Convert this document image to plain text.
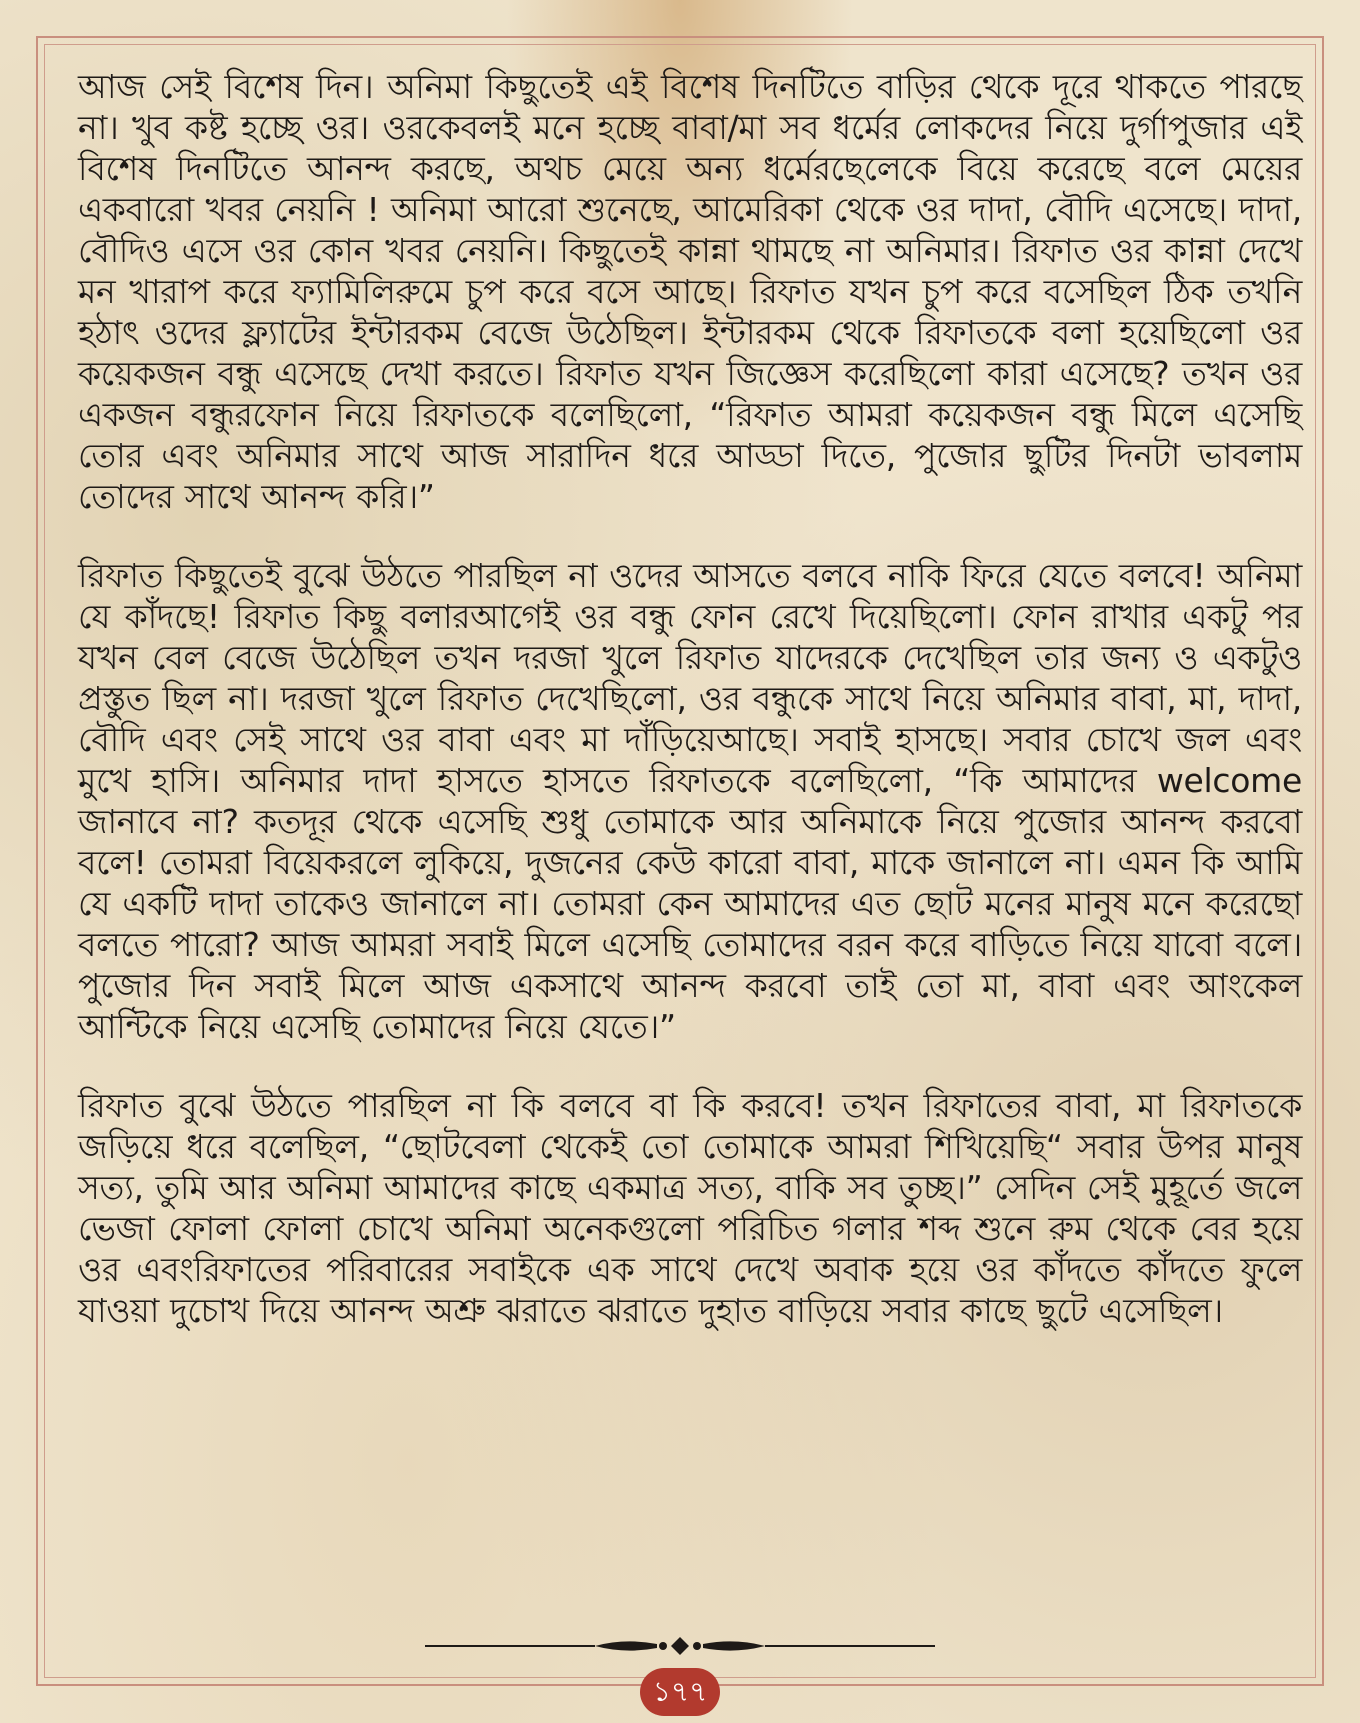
আজ সেই বিশেষ দিন। অনিমা কিছুতেই এই বিশেষ দিনটিতে বাড়ির থেকে দূরে থাকতে পারছে না। খুব কষ্ট হচ্ছে ওর। ওরকেবলই মনে হচ্ছে বাবা/মা সব ধর্মের লোকদের নিয়ে দুর্গাপুজার এই বিশেষ দিনটিতে আনন্দ করছে, অথচ মেয়ে অন্য ধর্মেরছেলেকে বিয়ে করেছে বলে মেয়ের একবারো খবর নেয়নি ! অনিমা আরো শুনেছে, আমেরিকা থেকে ওর দাদা, বৌদি এসেছে। দাদা, বৌদিও এসে ওর কোন খবর নেয়নি। কিছুতেই কান্না থামছে না অনিমার। রিফাত ওর কান্না দেখে মন খারাপ করে ফ্যামিলিরুমে চুপ করে বসে আছে। রিফাত যখন চুপ করে বসেছিল ঠিক তখনি হঠাৎ ওদের ফ্ল্যাটের ইন্টারকম বেজে উঠেছিল। ইন্টারকম থেকে রিফাতকে বলা হয়েছিলো ওর কয়েকজন বন্ধু এসেছে দেখা করতে। রিফাত যখন জিজ্ঞেস করেছিলো কারা এসেছে? তখন ওর একজন বন্ধুরফোন নিয়ে রিফাতকে বলেছিলো, “রিফাত আমরা কয়েকজন বন্ধু মিলে এসেছি তোর এবং অনিমার সাথে আজ সারাদিন ধরে আড্ডা দিতে, পুজোর ছুটির দিনটা ভাবলাম তোদের সাথে আনন্দ করি।”

রিফাত কিছুতেই বুঝে উঠতে পারছিল না ওদের আসতে বলবে নাকি ফিরে যেতে বলবে! অনিমা যে কাঁদছে! রিফাত কিছু বলারআগেই ওর বন্ধু ফোন রেখে দিয়েছিলো। ফোন রাখার একটু পর যখন বেল বেজে উঠেছিল তখন দরজা খুলে রিফাত যাদেরকে দেখেছিল তার জন্য ও একটুও প্রস্তুত ছিল না। দরজা খুলে রিফাত দেখেছিলো, ওর বন্ধুকে সাথে নিয়ে অনিমার বাবা, মা, দাদা, বৌদি এবং সেই সাথে ওর বাবা এবং মা দাঁড়িয়েআছে। সবাই হাসছে। সবার চোখে জল এবং মুখে হাসি। অনিমার দাদা হাসতে হাসতে রিফাতকে বলেছিলো, “কি আমাদের welcome জানাবে না? কতদূর থেকে এসেছি শুধু তোমাকে আর অনিমাকে নিয়ে পুজোর আনন্দ করবো বলে! তোমরা বিয়েকরলে লুকিয়ে, দুজনের কেউ কারো বাবা, মাকে জানালে না। এমন কি আমি যে একটি দাদা তাকেও জানালে না। তোমরা কেন আমাদের এত ছোট মনের মানুষ মনে করেছো বলতে পারো? আজ আমরা সবাই মিলে এসেছি তোমাদের বরন করে বাড়িতে নিয়ে যাবো বলে। পুজোর দিন সবাই মিলে আজ একসাথে আনন্দ করবো তাই তো মা, বাবা এবং আংকেল আন্টিকে নিয়ে এসেছি তোমাদের নিয়ে যেতে।”

রিফাত বুঝে উঠতে পারছিল না কি বলবে বা কি করবে! তখন রিফাতের বাবা, মা রিফাতকে জড়িয়ে ধরে বলেছিল, “ছোটবেলা থেকেই তো তোমাকে আমরা শিখিয়েছি“ সবার উপর মানুষ সত্য, তুমি আর অনিমা আমাদের কাছে একমাত্র সত্য, বাকি সব তুচ্ছ।” সেদিন সেই মুহূর্তে জলে ভেজা ফোলা ফোলা চোখে অনিমা অনেকগুলো পরিচিত গলার শব্দ শুনে রুম থেকে বের হয়ে ওর এবংরিফাতের পরিবারের সবাইকে এক সাথে দেখে অবাক হয়ে ওর কাঁদতে কাঁদতে ফুলে যাওয়া দুচোখ দিয়ে আনন্দ অশ্রু ঝরাতে ঝরাতে দুহাত বাড়িয়ে সবার কাছে ছুটে এসেছিল।

১৭৭
